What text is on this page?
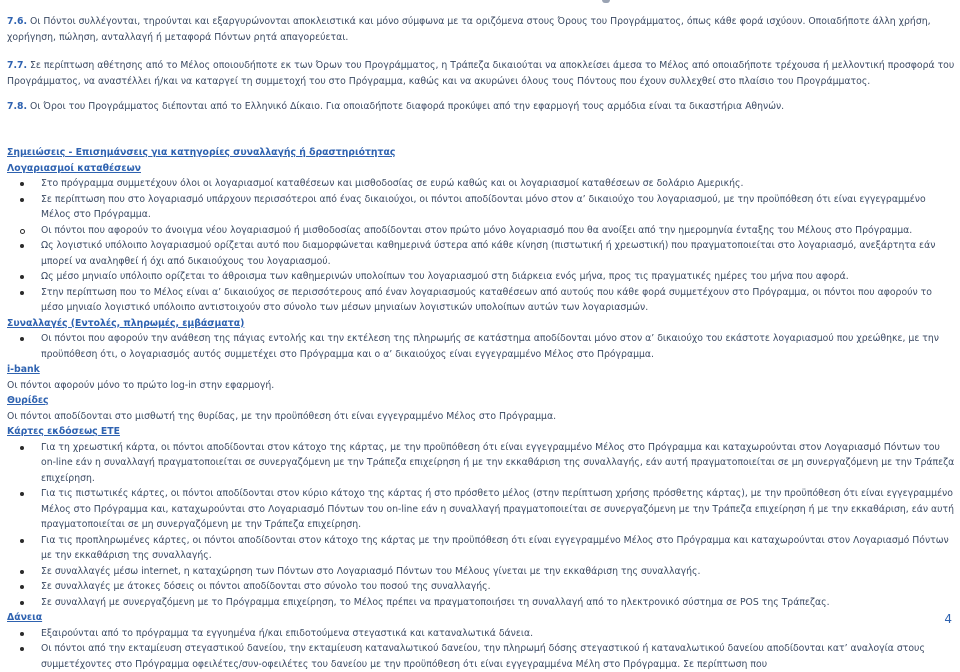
7.6. Οι Πόντοι συλλέγονται, τηρούνται και εξαργυρώνονται αποκλειστικά και μόνο σύμφωνα με τα οριζόμενα στους Όρους του Προγράμματος, όπως κάθε φορά ισχύουν. Οποιαδήποτε άλλη χρήση, χορήγηση, πώληση, ανταλλαγή ή μεταφορά Πόντων ρητά απαγορεύεται.

7.7. Σε περίπτωση αθέτησης από το Μέλος οποιουδήποτε εκ των Όρων του Προγράμματος, η Τράπεζα δικαιούται να αποκλείσει άμεσα το Μέλος από οποιαδήποτε τρέχουσα ή μελλοντική προσφορά του Προγράμματος, να αναστέλλει ή/και να καταργεί τη συμμετοχή του στο Πρόγραμμα, καθώς και να ακυρώνει όλους τους Πόντους που έχουν συλλεχθεί στο πλαίσιο του Προγράμματος.

7.8. Οι Όροι του Προγράμματος διέπονται από το Ελληνικό Δίκαιο. Για οποιαδήποτε διαφορά προκύψει από την εφαρμογή τους αρμόδια είναι τα δικαστήρια Αθηνών.

Σημειώσεις - Επισημάνσεις για κατηγορίες συναλλαγής ή δραστηριότητας
Λογαριασμοί καταθέσεων
Στο πρόγραμμα συμμετέχουν όλοι οι λογαριασμοί καταθέσεων και μισθοδοσίας σε ευρώ καθώς και οι λογαριασμοί καταθέσεων σε δολάριο Αμερικής.
Σε περίπτωση που στο λογαριασμό υπάρχουν περισσότεροι από ένας δικαιούχοι, οι πόντοι αποδίδονται μόνο στον α’ δικαιούχο του λογαριασμού, με την προϋπόθεση ότι είναι εγγεγραμμένο Μέλος στο Πρόγραμμα.
Οι πόντοι που αφορούν το άνοιγμα νέου λογαριασμού ή μισθοδοσίας αποδίδονται στον πρώτο μόνο λογαριασμό που θα ανοίξει από την ημερομηνία ένταξης του Μέλους στο Πρόγραμμα.
Ως λογιστικό υπόλοιπο λογαριασμού ορίζεται αυτό που διαμορφώνεται καθημερινά ύστερα από κάθε κίνηση (πιστωτική ή χρεωστική) που πραγματοποιείται στο λογαριασμό, ανεξάρτητα εάν μπορεί να αναληφθεί ή όχι από δικαιούχους του λογαριασμού.
Ως μέσο μηνιαίο υπόλοιπο ορίζεται το άθροισμα των καθημερινών υπολοίπων του λογαριασμού στη διάρκεια ενός μήνα, προς τις πραγματικές ημέρες του μήνα που αφορά.
Στην περίπτωση που το Μέλος είναι α’ δικαιούχος σε περισσότερους από έναν λογαριασμούς καταθέσεων από αυτούς που κάθε φορά συμμετέχουν στο Πρόγραμμα, οι πόντοι που αφορούν το μέσο μηνιαίο λογιστικό υπόλοιπο αντιστοιχούν στο σύνολο των μέσων μηνιαίων λογιστικών υπολοίπων αυτών των λογαριασμών.
Συναλλαγές (Εντολές, πληρωμές, εμβάσματα)
Οι πόντοι που αφορούν την ανάθεση της πάγιας εντολής και την εκτέλεση της πληρωμής σε κατάστημα αποδίδονται μόνο στον α’ δικαιούχο του εκάστοτε λογαριασμού που χρεώθηκε, με την προϋπόθεση ότι, ο λογαριασμός αυτός συμμετέχει στο Πρόγραμμα και ο α’ δικαιούχος είναι εγγεγραμμένο Μέλος στο Πρόγραμμα.
i-bank
Οι πόντοι αφορούν μόνο το πρώτο log-in στην εφαρμογή.
Θυρίδες
Οι πόντοι αποδίδονται στο μισθωτή της θυρίδας, με την προϋπόθεση ότι είναι εγγεγραμμένο Μέλος στο Πρόγραμμα.
Κάρτες εκδόσεως ΕΤΕ
Για τη χρεωστική κάρτα, οι πόντοι αποδίδονται στον κάτοχο της κάρτας, με την προϋπόθεση ότι είναι εγγεγραμμένο Μέλος στο Πρόγραμμα και καταχωρούνται στον Λογαριασμό Πόντων του on-line εάν η συναλλαγή πραγματοποιείται σε συνεργαζόμενη με την Τράπεζα επιχείρηση ή με την εκκαθάριση της συναλλαγής, εάν αυτή πραγματοποιείται σε μη συνεργαζόμενη με την Τράπεζα επιχείρηση.
Για τις πιστωτικές κάρτες, οι πόντοι αποδίδονται στον κύριο κάτοχο της κάρτας ή στο πρόσθετο μέλος (στην περίπτωση χρήσης πρόσθετης κάρτας), με την προϋπόθεση ότι είναι εγγεγραμμένο Μέλος στο Πρόγραμμα και, καταχωρούνται στο Λογαριασμό Πόντων του on-line εάν η συναλλαγή πραγματοποιείται σε συνεργαζόμενη με την Τράπεζα επιχείρηση ή με την εκκαθάριση, εάν αυτή πραγματοποιείται σε μη συνεργαζόμενη με την Τράπεζα επιχείρηση.
Για τις προπληρωμένες κάρτες, οι πόντοι αποδίδονται στον κάτοχο της κάρτας με την προϋπόθεση ότι είναι εγγεγραμμένο Μέλος στο Πρόγραμμα και καταχωρούνται στον Λογαριασμό Πόντων με την εκκαθάριση της συναλλαγής.
Σε συναλλαγές μέσω internet, η καταχώρηση των Πόντων στο Λογαριασμό Πόντων του Μέλους γίνεται με την εκκαθάριση της συναλλαγής.
Σε συναλλαγές με άτοκες δόσεις οι πόντοι αποδίδονται στο σύνολο του ποσού της συναλλαγής.
Σε συναλλαγή με συνεργαζόμενη με το Πρόγραμμα επιχείρηση, το Μέλος πρέπει να πραγματοποιήσει τη συναλλαγή από το ηλεκτρονικό σύστημα σε POS της Τράπεζας.
Δάνεια
Εξαιρούνται από το πρόγραμμα τα εγγυημένα ή/και επιδοτούμενα στεγαστικά και καταναλωτικά δάνεια.
Οι πόντοι από την εκταμίευση στεγαστικού δανείου, την εκταμίευση καταναλωτικού δανείου, την πληρωμή δόσης στεγαστικού ή καταναλωτικού δανείου αποδίδονται κατ’ αναλογία στους συμμετέχοντες στο Πρόγραμμα οφειλέτες/συν-οφειλέτες του δανείου με την προϋπόθεση ότι είναι εγγεγραμμένα Μέλη στο Πρόγραμμα. Σε περίπτωση που
4
